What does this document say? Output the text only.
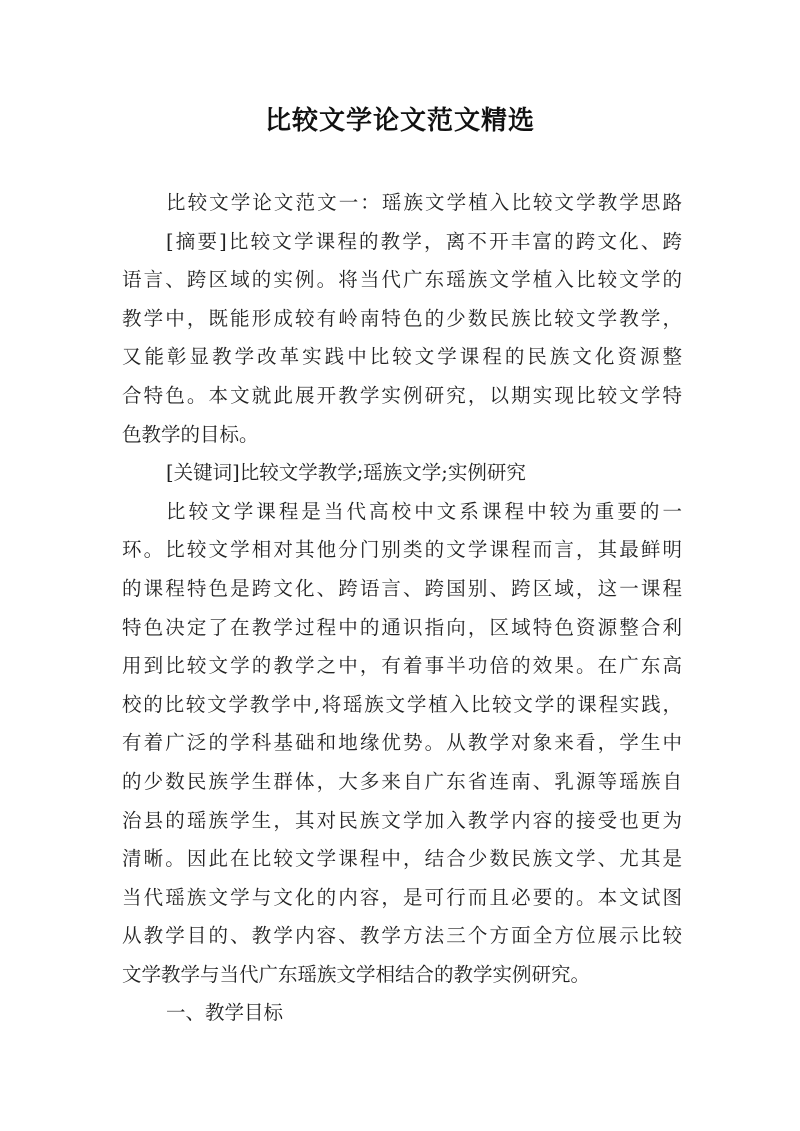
比较文学论文范文精选
比较文学论文范文一：瑶族文学植入比较文学教学思路
[摘要]比较文学课程的教学，离不开丰富的跨文化、跨
语言、跨区域的实例。将当代广东瑶族文学植入比较文学的
教学中，既能形成较有岭南特色的少数民族比较文学教学，
又能彰显教学改革实践中比较文学课程的民族文化资源整
合特色。本文就此展开教学实例研究，以期实现比较文学特
色教学的目标。
[关键词]比较文学教学;瑶族文学;实例研究
比较文学课程是当代高校中文系课程中较为重要的一
环。比较文学相对其他分门别类的文学课程而言，其最鲜明
的课程特色是跨文化、跨语言、跨国别、跨区域，这一课程
特色决定了在教学过程中的通识指向，区域特色资源整合利
用到比较文学的教学之中，有着事半功倍的效果。在广东高
校的比较文学教学中,将瑶族文学植入比较文学的课程实践，
有着广泛的学科基础和地缘优势。从教学对象来看，学生中
的少数民族学生群体，大多来自广东省连南、乳源等瑶族自
治县的瑶族学生，其对民族文学加入教学内容的接受也更为
清晰。因此在比较文学课程中，结合少数民族文学、尤其是
当代瑶族文学与文化的内容，是可行而且必要的。本文试图
从教学目的、教学内容、教学方法三个方面全方位展示比较
文学教学与当代广东瑶族文学相结合的教学实例研究。
一、教学目标
